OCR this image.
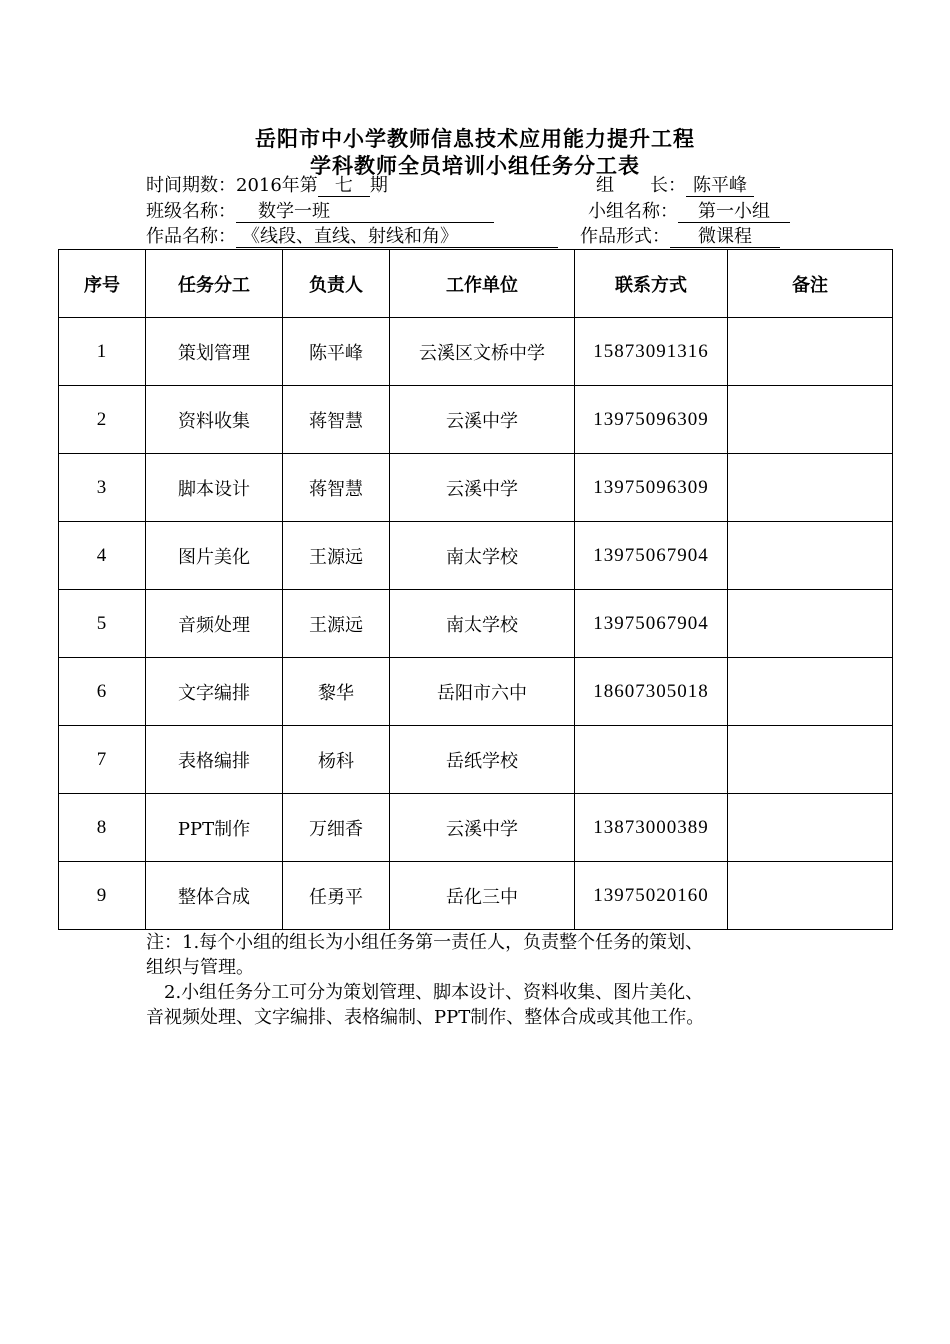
岳阳市中小学教师信息技术应用能力提升工程
学科教师全员培训小组任务分工表
时间期数：2016年第 七 期	组　　长： 陈平峰
班级名称： 数学一班	小组名称： 第一小组
作品名称： 《线段、直线、射线和角》	作品形式： 微课程
序号	任务分工	负责人	工作单位	联系方式	备注
1	策划管理	陈平峰	云溪区文桥中学	15873091316	
2	资料收集	蒋智慧	云溪中学	13975096309	
3	脚本设计	蒋智慧	云溪中学	13975096309	
4	图片美化	王源远	南太学校	13975067904	
5	音频处理	王源远	南太学校	13975067904	
6	文字编排	黎华	岳阳市六中	18607305018	
7	表格编排	杨科	岳纸学校		
8	PPT制作	万细香	云溪中学	13873000389	
9	整体合成	任勇平	岳化三中	13975020160	

注：1.每个小组的组长为小组任务第一责任人，负责整个任务的策划、

组织与管理。

2.小组任务分工可分为策划管理、脚本设计、资料收集、图片美化、

音视频处理、文字编排、表格编制、PPT制作、整体合成或其他工作。
